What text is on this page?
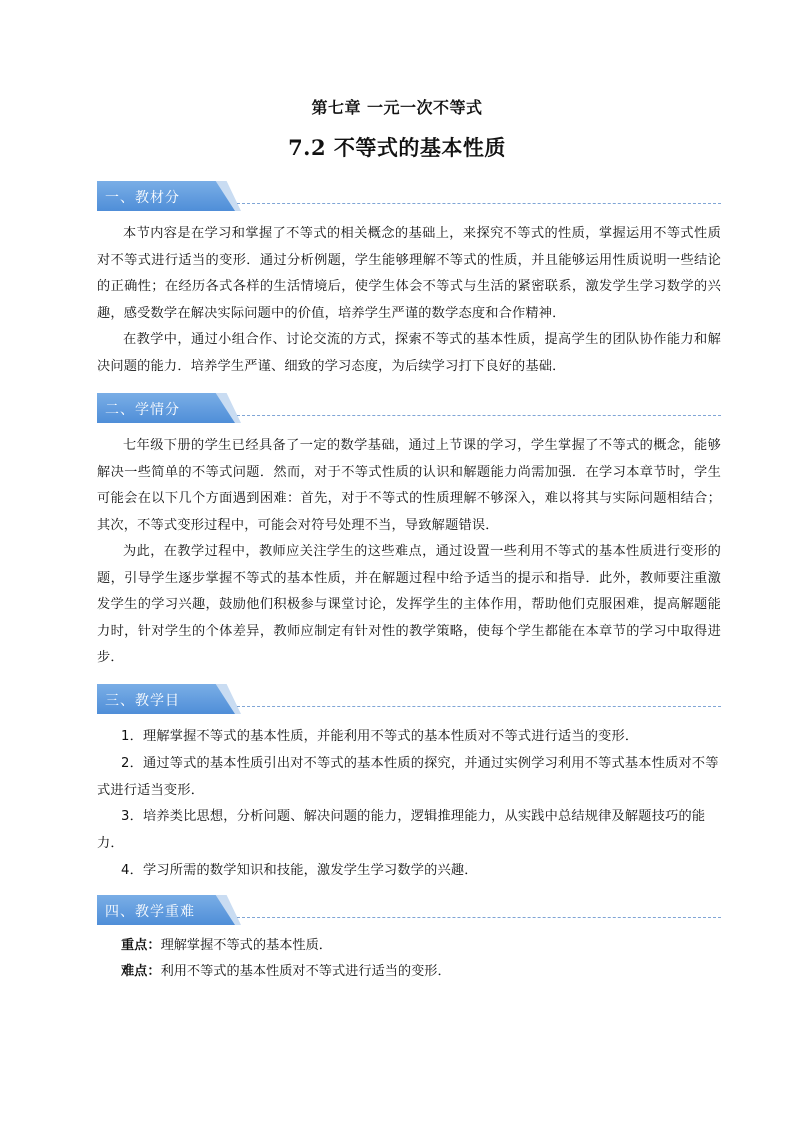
第七章 一元一次不等式
7.2 不等式的基本性质
一、教材分

本节内容是在学习和掌握了不等式的相关概念的基础上，来探究不等式的性质，掌握运用不等式性质对不等式进行适当的变形．通过分析例题，学生能够理解不等式的性质，并且能够运用性质说明一些结论的正确性；在经历各式各样的生活情境后，使学生体会不等式与生活的紧密联系，激发学生学习数学的兴趣，感受数学在解决实际问题中的价值，培养学生严谨的数学态度和合作精神．

在教学中，通过小组合作、讨论交流的方式，探索不等式的基本性质，提高学生的团队协作能力和解决问题的能力．培养学生严谨、细致的学习态度，为后续学习打下良好的基础．

二、学情分

七年级下册的学生已经具备了一定的数学基础，通过上节课的学习，学生掌握了不等式的概念，能够解决一些简单的不等式问题．然而，对于不等式性质的认识和解题能力尚需加强．在学习本章节时，学生可能会在以下几个方面遇到困难：首先，对于不等式的性质理解不够深入，难以将其与实际问题相结合；其次，不等式变形过程中，可能会对符号处理不当，导致解题错误．

为此，在教学过程中，教师应关注学生的这些难点，通过设置一些利用不等式的基本性质进行变形的题，引导学生逐步掌握不等式的基本性质，并在解题过程中给予适当的提示和指导．此外，教师要注重激发学生的学习兴趣，鼓励他们积极参与课堂讨论，发挥学生的主体作用，帮助他们克服困难，提高解题能力时，针对学生的个体差异，教师应制定有针对性的教学策略，使每个学生都能在本章节的学习中取得进步．

三、教学目

1．理解掌握不等式的基本性质，并能利用不等式的基本性质对不等式进行适当的变形．

2．通过等式的基本性质引出对不等式的基本性质的探究，并通过实例学习利用不等式基本性质对不等式进行适当变形．

3．培养类比思想，分析问题、解决问题的能力，逻辑推理能力，从实践中总结规律及解题技巧的能力．

4．学习所需的数学知识和技能，激发学生学习数学的兴趣．

四、教学重难

重点：理解掌握不等式的基本性质．

难点：利用不等式的基本性质对不等式进行适当的变形．
